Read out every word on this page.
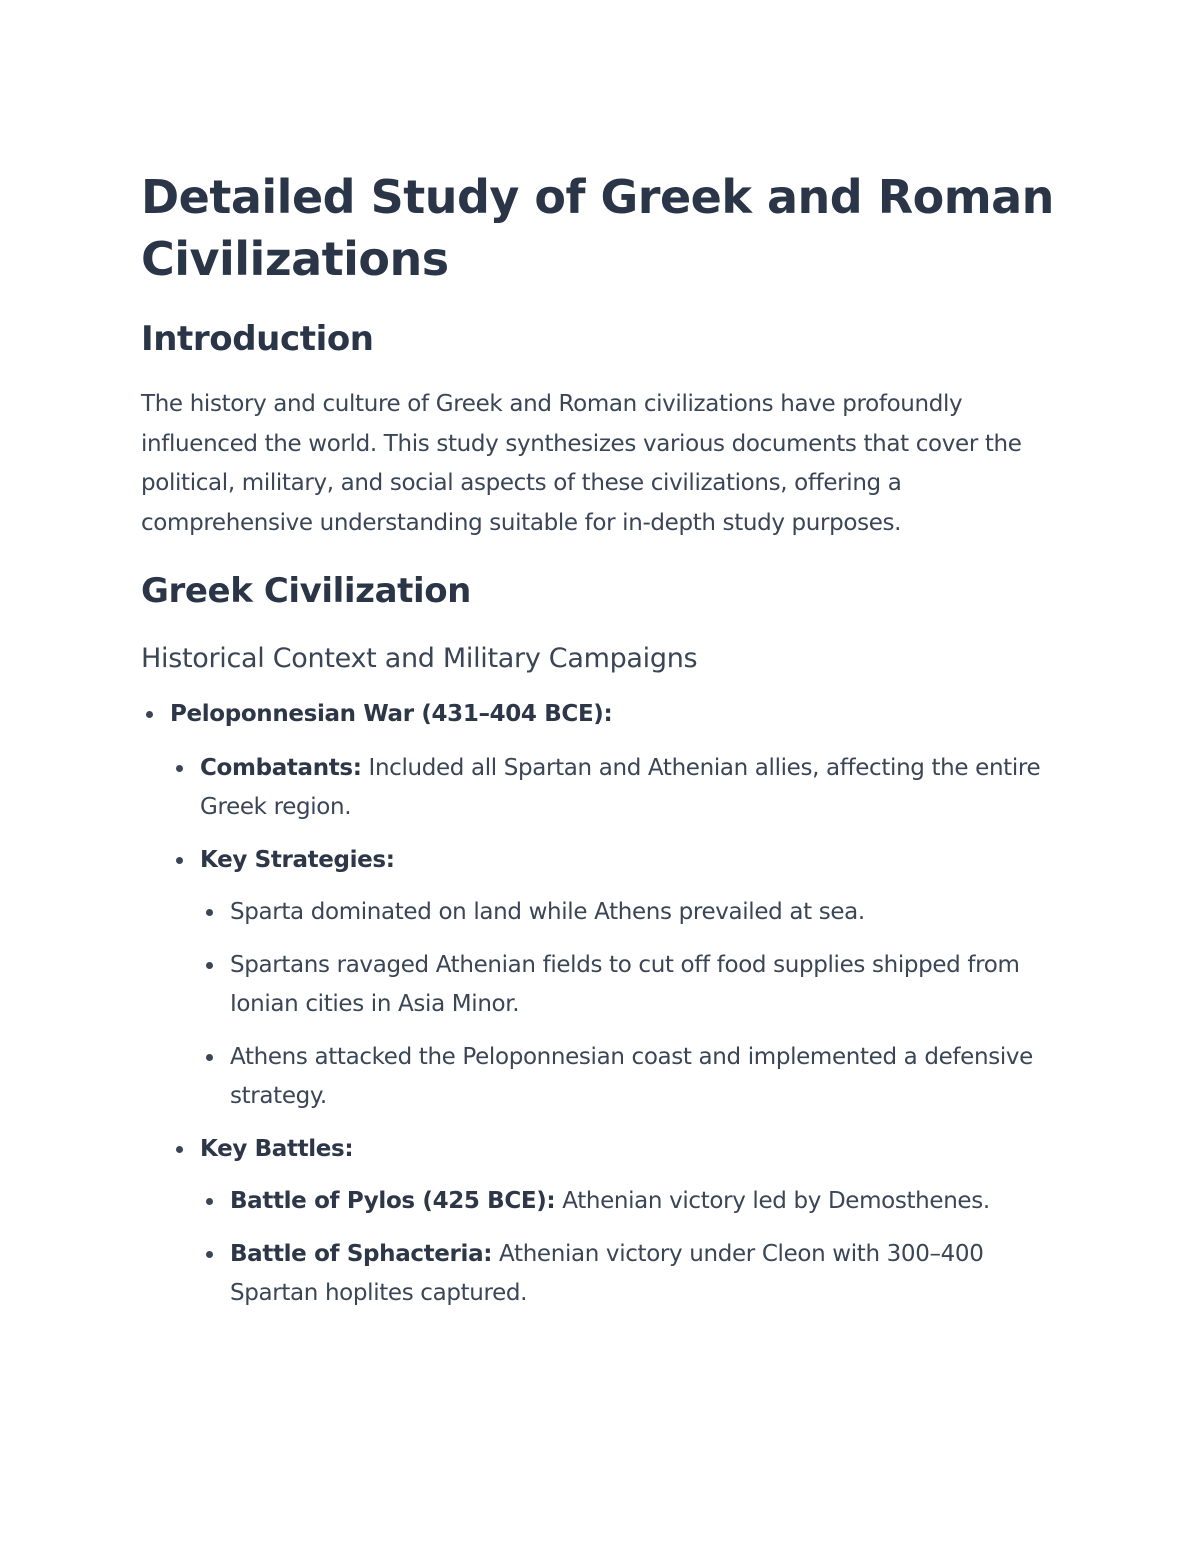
Detailed Study of Greek and Roman Civilizations
Introduction

The history and culture of Greek and Roman civilizations have profoundly influenced the world. This study synthesizes various documents that cover the political, military, and social aspects of these civilizations, offering a comprehensive understanding suitable for in-depth study purposes.

Greek Civilization
Historical Context and Military Campaigns
Peloponnesian War (431–404 BCE):
Combatants: Included all Spartan and Athenian allies, affecting the entire Greek region.
Key Strategies:
Sparta dominated on land while Athens prevailed at sea.
Spartans ravaged Athenian fields to cut off food supplies shipped from Ionian cities in Asia Minor.
Athens attacked the Peloponnesian coast and implemented a defensive strategy.
Key Battles:
Battle of Pylos (425 BCE): Athenian victory led by Demosthenes.
Battle of Sphacteria: Athenian victory under Cleon with 300–400 Spartan hoplites captured.
